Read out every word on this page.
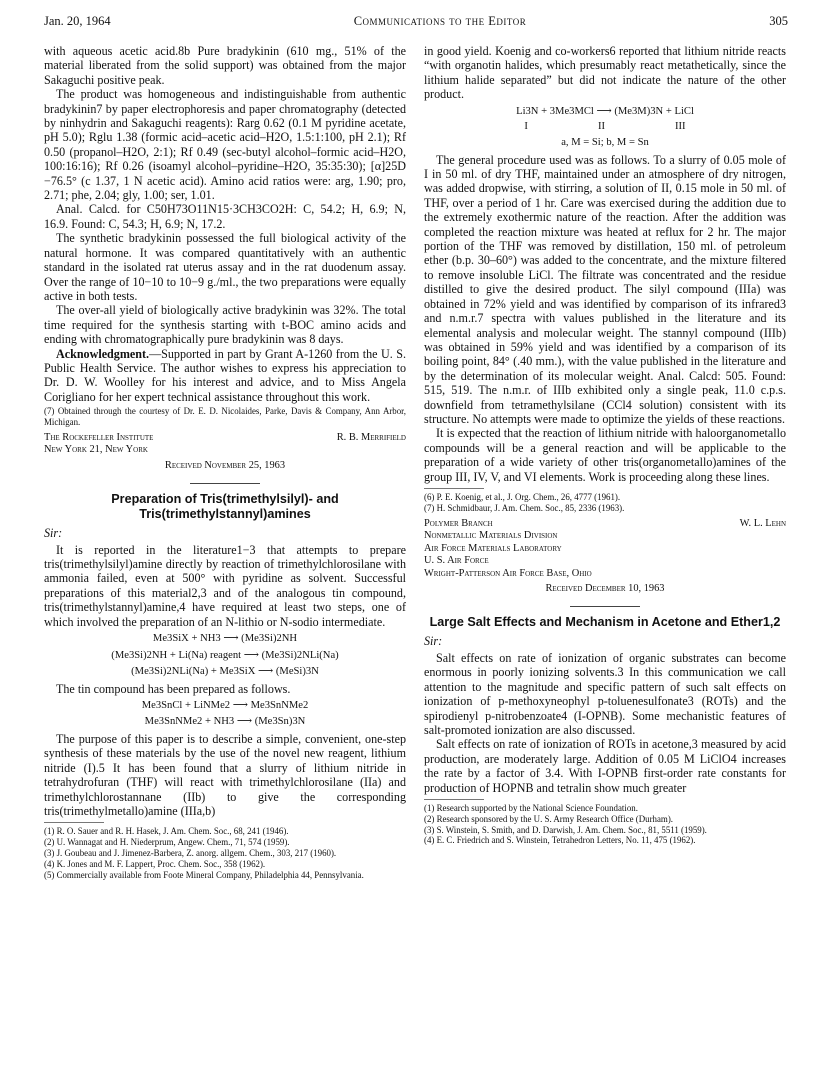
Jan. 20, 1964	Communications to the Editor	305

with aqueous acetic acid.8b Pure bradykinin (610 mg., 51% of the material liberated from the solid support) was obtained from the major Sakaguchi positive peak.

The product was homogeneous and indistinguishable from authentic bradykinin7 by paper electrophoresis and paper chromatography (detected by ninhydrin and Sakaguchi reagents): Rarg 0.62 (0.1 M pyridine acetate, pH 5.0); Rglu 1.38 (formic acid–acetic acid–H2O, 1.5:1:100, pH 2.1); Rf 0.50 (propanol–H2O, 2:1); Rf 0.49 (sec-butyl alcohol–formic acid–H2O, 100:16:16); Rf 0.26 (isoamyl alcohol–pyridine–H2O, 35:35:30); [α]25D −76.5° (c 1.37, 1 N acetic acid). Amino acid ratios were: arg, 1.90; pro, 2.71; phe, 2.04; gly, 1.00; ser, 1.01.

Anal. Calcd. for C50H73O11N15·3CH3CO2H: C, 54.2; H, 6.9; N, 16.9. Found: C, 54.3; H, 6.9; N, 17.2.

The synthetic bradykinin possessed the full biological activity of the natural hormone. It was compared quantitatively with an authentic standard in the isolated rat uterus assay and in the rat duodenum assay. Over the range of 10−10 to 10−9 g./ml., the two preparations were equally active in both tests.

The over-all yield of biologically active bradykinin was 32%. The total time required for the synthesis starting with t-BOC amino acids and ending with chromatographically pure bradykinin was 8 days.

Acknowledgment.—Supported in part by Grant A-1260 from the U. S. Public Health Service. The author wishes to express his appreciation to Dr. D. W. Woolley for his interest and advice, and to Miss Angela Corigliano for her expert technical assistance throughout this work.

(7) Obtained through the courtesy of Dr. E. D. Nicolaides, Parke, Davis & Company, Ann Arbor, Michigan.

The Rockefeller Institute	R. B. Merrifield
New York 21, New York
Received November 25, 1963
Preparation of Tris(trimethylsilyl)- and Tris(trimethylstannyl)amines
Sir:

It is reported in the literature1−3 that attempts to prepare tris(trimethylsilyl)amine directly by reaction of trimethylchlorosilane with ammonia failed, even at 500° with pyridine as solvent. Successful preparations of this material2,3 and of the analogous tin compound, tris(trimethylstannyl)amine,4 have required at least two steps, one of which involved the preparation of an N-lithio or N-sodio intermediate.

Me3SiX + NH3 ⟶ (Me3Si)2NH
(Me3Si)2NH + Li(Na) reagent ⟶ (Me3Si)2NLi(Na)
(Me3Si)2NLi(Na) + Me3SiX ⟶ (MeSi)3N

The tin compound has been prepared as follows.

Me3SnCl + LiNMe2 ⟶ Me3SnNMe2
Me3SnNMe2 + NH3 ⟶ (Me3Sn)3N

The purpose of this paper is to describe a simple, convenient, one-step synthesis of these materials by the use of the novel new reagent, lithium nitride (I).5 It has been found that a slurry of lithium nitride in tetrahydrofuran (THF) will react with trimethylchlorosilane (IIa) and trimethylchlorostannane (IIb) to give the corresponding tris(trimethylmetallo)amine (IIIa,b)

(1) R. O. Sauer and R. H. Hasek, J. Am. Chem. Soc., 68, 241 (1946).

(2) U. Wannagat and H. Niederprum, Angew. Chem., 71, 574 (1959).

(3) J. Goubeau and J. Jimenez-Barbera, Z. anorg. allgem. Chem., 303, 217 (1960).

(4) K. Jones and M. F. Lappert, Proc. Chem. Soc., 358 (1962).

(5) Commercially available from Foote Mineral Company, Philadelphia 44, Pennsylvania.

in good yield. Koenig and co-workers6 reported that lithium nitride reacts “with organotin halides, which presumably react metathetically, since the lithium halide separated” but did not indicate the nature of the other product.

Li3N + 3Me3MCl ⟶ (Me3M)3N + LiCl
I	II	III
a, M = Si; b, M = Sn

The general procedure used was as follows. To a slurry of 0.05 mole of I in 50 ml. of dry THF, maintained under an atmosphere of dry nitrogen, was added dropwise, with stirring, a solution of II, 0.15 mole in 50 ml. of THF, over a period of 1 hr. Care was exercised during the addition due to the extremely exothermic nature of the reaction. After the addition was completed the reaction mixture was heated at reflux for 2 hr. The major portion of the THF was removed by distillation, 150 ml. of petroleum ether (b.p. 30–60°) was added to the concentrate, and the mixture filtered to remove insoluble LiCl. The filtrate was concentrated and the residue distilled to give the desired product. The silyl compound (IIIa) was obtained in 72% yield and was identified by comparison of its infrared3 and n.m.r.7 spectra with values published in the literature and its elemental analysis and molecular weight. The stannyl compound (IIIb) was obtained in 59% yield and was identified by a comparison of its boiling point, 84° (.40 mm.), with the value published in the literature and by the determination of its molecular weight. Anal. Calcd: 505. Found: 515, 519. The n.m.r. of IIIb exhibited only a single peak, 11.0 c.p.s. downfield from tetramethylsilane (CCl4 solution) consistent with its structure. No attempts were made to optimize the yields of these reactions.

It is expected that the reaction of lithium nitride with haloorganometallo compounds will be a general reaction and will be applicable to the preparation of a wide variety of other tris(organometallo)amines of the group III, IV, V, and VI elements. Work is proceeding along these lines.

(6) P. E. Koenig, et al., J. Org. Chem., 26, 4777 (1961).

(7) H. Schmidbaur, J. Am. Chem. Soc., 85, 2336 (1963).

Polymer Branch	W. L. Lehn
Nonmetallic Materials Division
Air Force Materials Laboratory
U. S. Air Force
Wright-Patterson Air Force Base, Ohio
Received December 10, 1963
Large Salt Effects and Mechanism in Acetone and Ether1,2
Sir:

Salt effects on rate of ionization of organic substrates can become enormous in poorly ionizing solvents.3 In this communication we call attention to the magnitude and specific pattern of such salt effects on ionization of p-methoxyneophyl p-toluenesulfonate3 (ROTs) and the spirodienyl p-nitrobenzoate4 (I-OPNB). Some mechanistic features of salt-promoted ionization are also discussed.

Salt effects on rate of ionization of ROTs in acetone,3 measured by acid production, are moderately large. Addition of 0.05 M LiClO4 increases the rate by a factor of 3.4. With I-OPNB first-order rate constants for production of HOPNB and tetralin show much greater

(1) Research supported by the National Science Foundation.

(2) Research sponsored by the U. S. Army Research Office (Durham).

(3) S. Winstein, S. Smith, and D. Darwish, J. Am. Chem. Soc., 81, 5511 (1959).

(4) E. C. Friedrich and S. Winstein, Tetrahedron Letters, No. 11, 475 (1962).
